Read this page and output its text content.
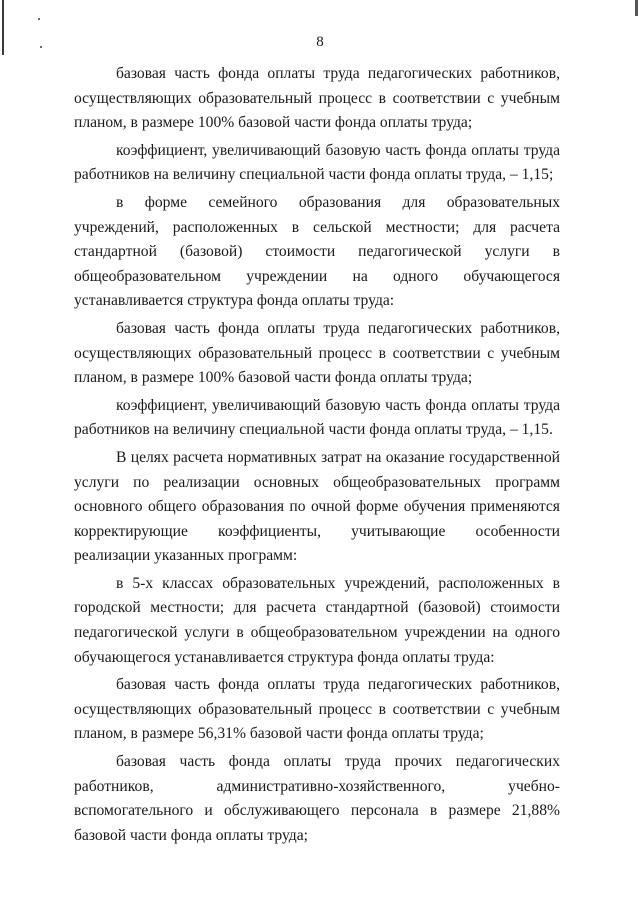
8

базовая часть фонда оплаты труда педагогических работников, осуществляющих образовательный процесс в соответствии с учебным планом, в размере 100% базовой части фонда оплаты труда;

коэффициент, увеличивающий базовую часть фонда оплаты труда работников на величину специальной части фонда оплаты труда, – 1,15;

в форме семейного образования для образовательных учреждений, расположенных в сельской местности; для расчета стандартной (базовой) стоимости педагогической услуги в общеобразовательном учреждении на одного обучающегося устанавливается структура фонда оплаты труда:

базовая часть фонда оплаты труда педагогических работников, осуществляющих образовательный процесс в соответствии с учебным планом, в размере 100% базовой части фонда оплаты труда;

коэффициент, увеличивающий базовую часть фонда оплаты труда работников на величину специальной части фонда оплаты труда, – 1,15.

В целях расчета нормативных затрат на оказание государственной услуги по реализации основных общеобразовательных программ основного общего образования по очной форме обучения применяются корректирующие коэффициенты, учитывающие особенности реализации указанных программ:

в 5-х классах образовательных учреждений, расположенных в городской местности; для расчета стандартной (базовой) стоимости педагогической услуги в общеобразовательном учреждении на одного обучающегося устанавливается структура фонда оплаты труда:

базовая часть фонда оплаты труда педагогических работников, осуществляющих образовательный процесс в соответствии с учебным планом, в размере 56,31% базовой части фонда оплаты труда;

базовая часть фонда оплаты труда прочих педагогических работников, административно-хозяйственного, учебно-вспомогательного и обслуживающего персонала в размере 21,88% базовой части фонда оплаты труда;
